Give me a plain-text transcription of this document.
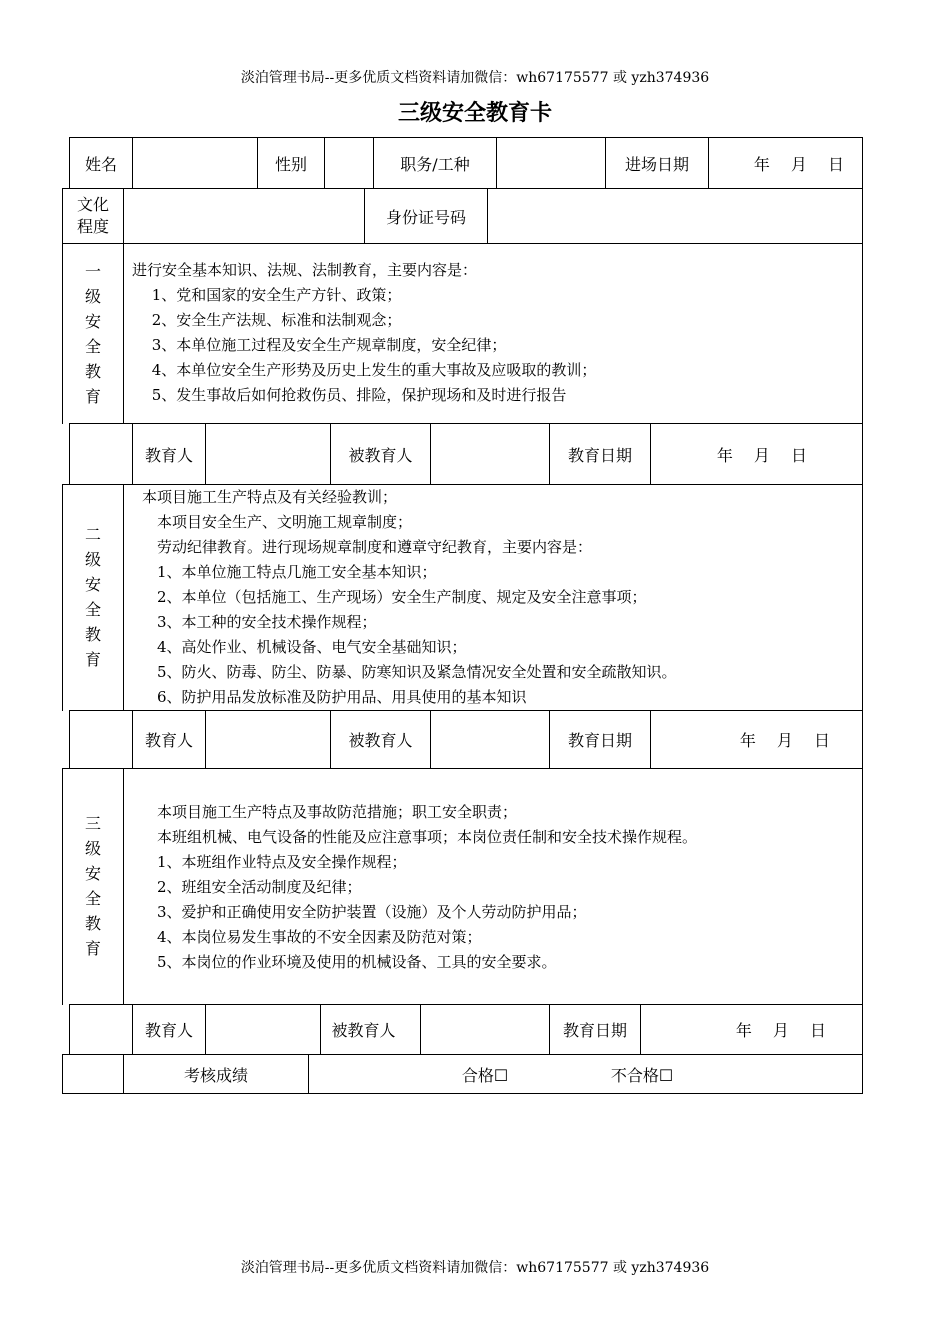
淡泊管理书局--更多优质文档资料请加微信：wh67175577 或 yzh374936
三级安全教育卡
姓名	性别	职务/工种	进场日期	年　 月　 日
文化程度	身份证号码
一
级
安
全
教
育
进行安全基本知识、法规、法制教育，主要内容是：
　 1、党和国家的安全生产方针、政策；
　 2、安全生产法规、标准和法制观念；
　 3、本单位施工过程及安全生产规章制度，安全纪律；
　 4、本单位安全生产形势及历史上发生的重大事故及应吸取的教训；
　 5、发生事故后如何抢救伤员、排险，保护现场和及时进行报告
教育人	被教育人	教育日期	年　 月　 日
二
级
安
全
教
育
本项目施工生产特点及有关经验教训；
　本项目安全生产、文明施工规章制度；
　劳动纪律教育。进行现场规章制度和遵章守纪教育，主要内容是：
　1、本单位施工特点几施工安全基本知识；
　2、本单位（包括施工、生产现场）安全生产制度、规定及安全注意事项；
　3、本工种的安全技术操作规程；
　4、高处作业、机械设备、电气安全基础知识；
　5、防火、防毒、防尘、防暴、防寒知识及紧急情况安全处置和安全疏散知识。
　6、防护用品发放标准及防护用品、用具使用的基本知识
教育人	被教育人	教育日期	年　 月　 日
三
级
安
全
教
育
　本项目施工生产特点及事故防范措施；职工安全职责；
　本班组机械、电气设备的性能及应注意事项；本岗位责任制和安全技术操作规程。
　1、本班组作业特点及安全操作规程；
　2、班组安全活动制度及纪律；
　3、爱护和正确使用安全防护装置（设施）及个人劳动防护用品；
　4、本岗位易发生事故的不安全因素及防范对策；
　5、本岗位的作业环境及使用的机械设备、工具的安全要求。
教育人	被教育人	教育日期	年　 月　 日
考核成绩	合格☐	不合格☐
淡泊管理书局--更多优质文档资料请加微信：wh67175577 或 yzh374936
